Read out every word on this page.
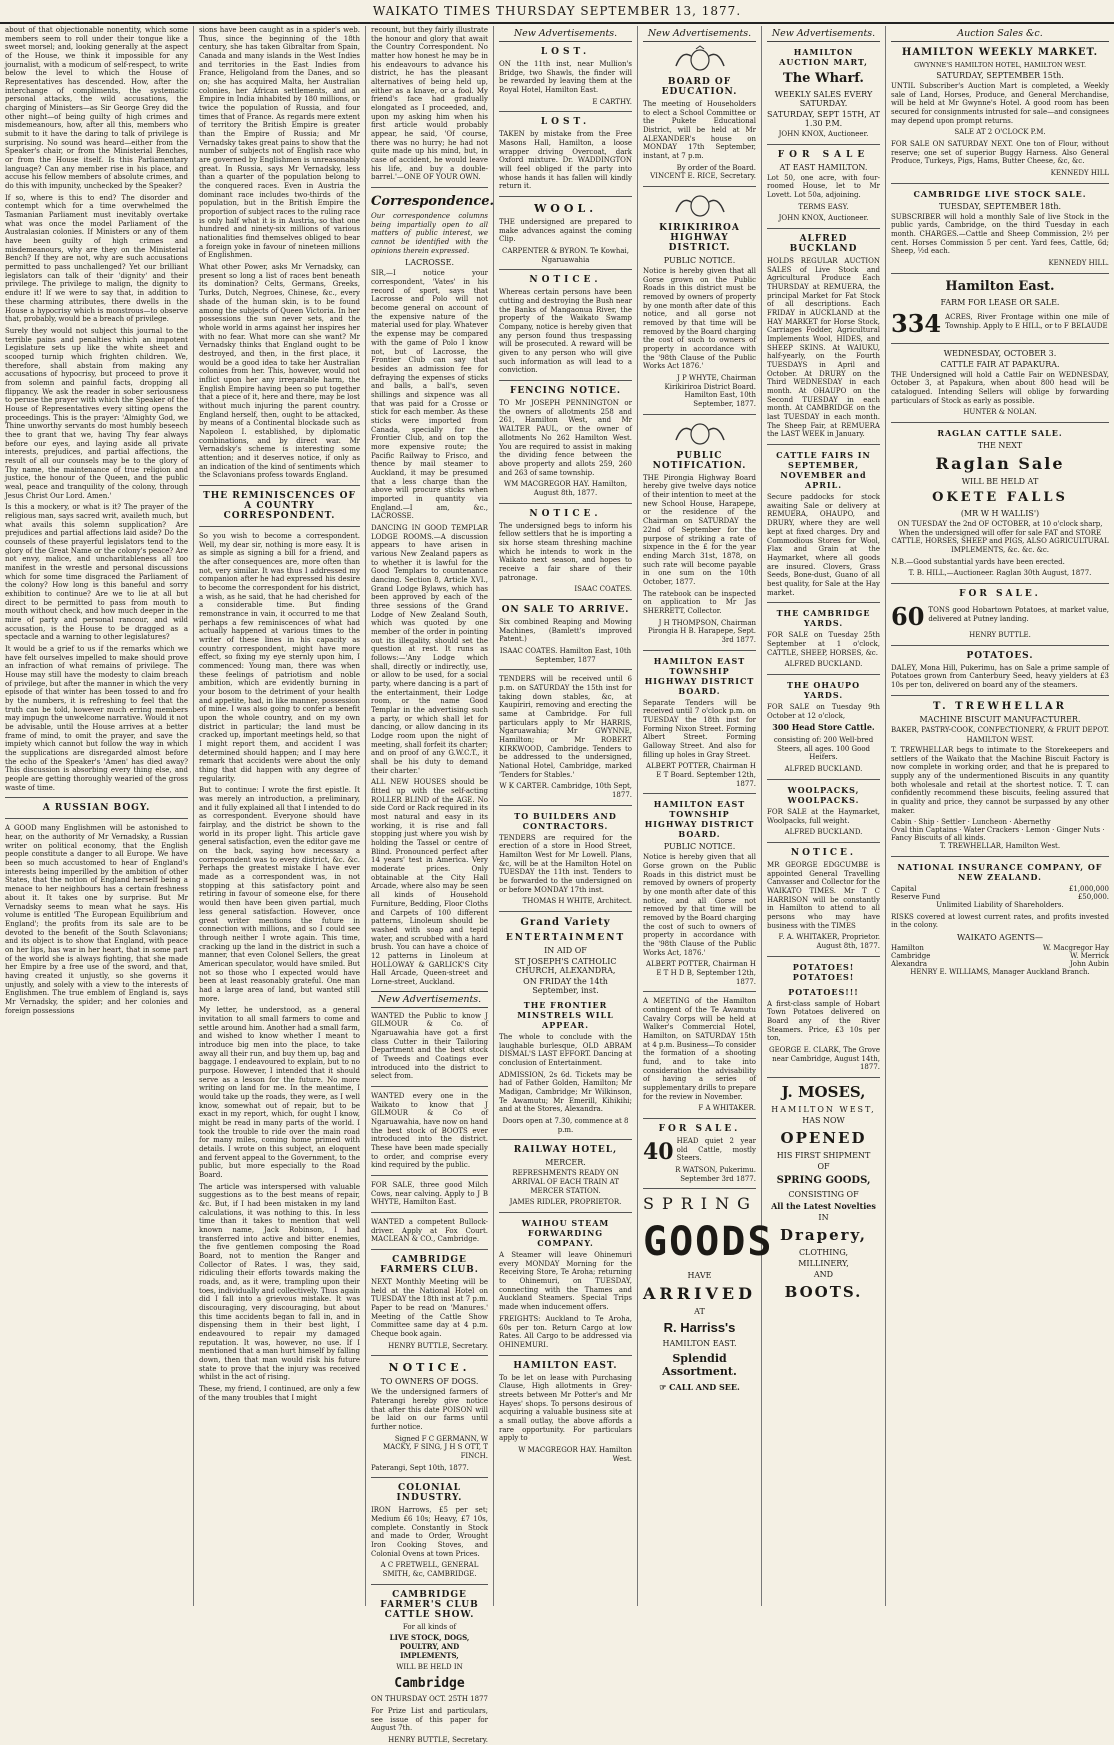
WAIKATO TIMES THURSDAY SEPTEMBER 13, 1877.

about of that objectionable nonentity, which some members seem to roll under their tongue like a sweet morsel; and, looking generally at the aspect of the House, we think it impossible for any journalist, with a modicum of self-respect, to write below the level to which the House of Representatives has descended. How, after the interchange of compliments, the systematic personal attacks, the wild accusations, the charging of Ministers—as Sir George Grey did the other night—of being guilty of high crimes and misdemeanours, how, after all this, members who submit to it have the daring to talk of privilege is surprising. No sound was heard—either from the Speaker's chair, or from the Ministerial Benches, or from the House itself. Is this Parliamentary language? Can any member rise in his place, and accuse his fellow members of absolute crimes, and do this with impunity, unchecked by the Speaker?

If so, where is this to end? The disorder and contempt which for a time overwhelmed the Tasmanian Parliament must inevitably overtake what was once the model Parliament of the Australasian colonies. If Ministers or any of them have been guilty of high crimes and misdemeanours, why are they on the Ministerial Bench? If they are not, why are such accusations permitted to pass unchallenged? Yet our brilliant legislators can talk of their 'dignity' and their privilege. The privilege to malign, the dignity to endure it! If we were to say that, in addition to these charming attributes, there dwells in the House a hypocrisy which is monstrous—to observe that, probably, would be a breach of privilege.

Surely they would not subject this journal to the terrible pains and penalties which an impotent Legislature sets up like the white sheet and scooped turnip which frighten children. We, therefore, shall abstain from making any accusations of hypocrisy, but proceed to prove it from solemn and painful facts, dropping all flippancy. We ask the reader in sober seriousness to peruse the prayer with which the Speaker of the House of Representatives every sitting opens the proceedings. This is the prayer: 'Almighty God, we Thine unworthy servants do most humbly beseech thee to grant that we, having Thy fear always before our eyes, and laying aside all private interests, prejudices, and partial affections, the result of all our counsels may be to the glory of Thy name, the maintenance of true religion and justice, the honour of the Queen, and the public weal, peace and tranquility of the colony, through Jesus Christ Our Lord. Amen.'

Is this a mockery, or what is it? The prayer of the religious man, says sacred writ, availeth much, but what avails this solemn supplication? Are prejudices and partial affections laid aside? Do the counsels of these prayerful legislators tend to the glory of the Great Name or the colony's peace? Are not envy, malice, and uncharitableness all too manifest in the wrestle and personal discussions which for some time disgraced the Parliament of the colony? How long is this baneful and sorry exhibition to continue? Are we to lie at all but direct to be permitted to pass from mouth to mouth without check, and how much deeper in the mire of party and personal rancour, and wild accusation, is the House to be dragged as a spectacle and a warning to other legislatures?

It would be a grief to us if the remarks which we have felt ourselves impelled to make should prove an infraction of what remains of privilege. The House may still have the modesty to claim breach of privilege, but after the manner in which the very episode of that winter has been tossed to and fro by the numbers, it is refreshing to feel that the truth can be told, however much erring members may impugn the unwelcome narrative. Would it not be advisable, until the House arrives at a better frame of mind, to omit the prayer, and save the impiety which cannot but follow the way in which the supplications are disregarded almost before the echo of the Speaker's 'Amen' has died away? This discussion is absorbing every thing else, and people are getting thoroughly wearied of the gross waste of time.

A RUSSIAN BOGY.

A GOOD many Englishmen will be astonished to hear, on the authority of Mr Vernadsky, a Russian writer on political economy, that the English people constitute a danger to all Europe. We have been so much accustomed to hear of England's interests being imperilled by the ambition of other States, that the notion of England herself being a menace to her neighbours has a certain freshness about it. It takes one by surprise. But Mr Vernadsky seems to mean what he says. His volume is entitled 'The European Equilibrium and England'; the profits from its sale are to be devoted to the benefit of the South Sclavonians; and its object is to show that England, with peace on her lips, has war in her heart, that in some part of the world she is always fighting, that she made her Empire by a free use of the sword, and that, having created it unjustly, so she governs it unjustly, and solely with a view to the interests of Englishmen. The true emblem of England is, says Mr Vernadsky, the spider; and her colonies and foreign possessions

sions have been caught as in a spider's web. Thus, since the beginning of the 18th century, she has taken Gibraltar from Spain, Canada and many islands in the West Indies and territories in the East Indies from France, Heligoland from the Danes, and so on; she has acquired Malta, her Australian colonies, her African settlements, and an Empire in India inhabited by 180 millions, or twice the population of Russia, and four times that of France. As regards mere extent of territory the British Empire is greater than the Empire of Russia; and Mr Vernadsky takes great pains to show that the number of subjects not of English race who are governed by Englishmen is unreasonably great. In Russia, says Mr Vernadsky, less than a quarter of the population belong to the conquered races. Even in Austria the dominant race includes two-thirds of the population, but in the British Empire the proportion of subject races to the ruling race is only half what it is in Austria, so that one hundred and ninety-six millions of various nationalities find themselves obliged to bear a foreign yoke in favour of nineteen millions of Englishmen.

What other Power, asks Mr Vernadsky, can present so long a list of races bent beneath its domination? Celts, Germans, Greeks, Turks, Dutch, Negroes, Chinese, &c., every shade of the human skin, is to be found among the subjects of Queen Victoria. In her possessions the sun never sets, and the whole world in arms against her inspires her with no fear. What more can she want? Mr Vernadsky thinks that England ought to be destroyed, and then, in the first place, it would be a good idea to take her Australian colonies from her. This, however, would not inflict upon her any irreparable harm, the English Empire having been so put together that a piece of it, here and there, may be lost without much injuring the parent country. England herself, then, ought to be attacked, by means of a Continental blockade such as Napoleon I. established, by diplomatic combinations, and by direct war. Mr Vernadsky's scheme is interesting some attention; and it deserves notice, if only as an indication of the kind of sentiments which the Sclavonians profess towards England.

THE REMINISCENCES OF A COUNTRY CORRESPONDENT.

So you wish to become a correspondent. Well, my dear sir, nothing is more easy. It is as simple as signing a bill for a friend, and the after consequences are, more often than not, very similar. It was thus I addressed my companion after he had expressed his desire to become the correspondent for his district, a wish, as he said, that he had cherished for a considerable time. But finding remonstrance in vain, it occurred to me that perhaps a few reminiscences of what had actually happened at various times to the writer of these lines in his capacity as country correspondent, might have more effect, so fixing my eye sternly upon him, I commenced: Young man, there was when these feelings of patriotism and noble ambition, which are evidently burning in your bosom to the detriment of your health and appetite, had, in like manner, possession of mine. I was also going to confer a benefit upon the whole country, and on my own district in particular; the land must be cracked up, important meetings held, so that I might report them, and accident I was determined should happen; and I may here remark that accidents were about the only thing that did happen with any degree of regularity.

But to continue: I wrote the first epistle. It was merely an introduction, a preliminary, and it fully explained all that I intended to do as correspondent. Everyone should have fairplay, and the district be shown to the world in its proper light. This article gave general satisfaction, even the editor gave me on the back, saying how necessary a correspondent was to every district, &c. &c. Perhaps the greatest mistake I have ever made as a correspondent was, in not stopping at this satisfactory point and retiring in favour of someone else, for there would then have been given partial, much less general satisfaction. However, once great writer mentions the future in connection with millions, and so I could see through neither I wrote again. This time, cracking up the land in the district in such a manner, that even Colonel Sellers, the great American speculator, would have smiled. But not so those who I expected would have been at least reasonably grateful. One man had a large area of land, but wanted still more.

My letter, he understood, as a general invitation to all small farmers to come and settle around him. Another had a small farm, and wished to know whether I meant to introduce big men into the place, to take away all their run, and buy them up, bag and baggage. I endeavoured to explain, but to no purpose. However, I intended that it should serve as a lesson for the future. No more writing on land for me. In the meantime, I would take up the roads, they were, as I well know, somewhat out of repair, but to be exact in my report, which, for ought I know, might be read in many parts of the world. I took the trouble to ride over the main road for many miles, coming home primed with details. I wrote on this subject, an eloquent and fervent appeal to the Government, to the public, but more especially to the Road Board.

The article was interspersed with valuable suggestions as to the best means of repair, &c. But, if I had been mistaken in my land calculations, it was nothing to this. In less time than it takes to mention that well known name, Jack Robinson, I had transferred into active and bitter enemies, the five gentlemen composing the Road Board, not to mention the Ranger and Collector of Rates. I was, they said, ridiculing their efforts towards making the roads, and, as it were, trampling upon their toes, individually and collectively. Thus again did I fall into a grievous mistake. It was discouraging, very discouraging, but about this time accidents began to fall in, and in dispensing them in their best light, I endeavoured to repair my damaged reputation. It was, however, no use. If I mentioned that a man hurt himself by falling down, then that man would risk his future state to prove that the injury was received whilst in the act of rising.

These, my friend, I continued, are only a few of the many troubles that I might

recount, but they fairly illustrate the honour and glory that await the Country Correspondent. No matter how honest he may be in his endeavours to advance his district, he has the pleasant alternatives of being held up, either as a knave, or a fool. My friend's face had gradually elongated as I proceeded, and, upon my asking him when his first article would probably appear, he said, 'Of course, there was no hurry; he had not quite made up his mind, but, in case of accident, he would leave his life, and buy a double-barrel.'—ONE OF YOUR OWN.

Correspondence.

Our correspondence columns being impartially open to all matters of public interest, we cannot be identified with the opinions therein expressed.

LACROSSE.

SIR,—I notice your correspondent, 'Vates' in his record of sport, says that Lacrosse and Polo will not become general on account of the expensive nature of the material used for play. Whatever the expense may be compared with the game of Polo I know not, but of Lacrosse, the Frontier Club can say that besides an admission fee for defraying the expenses of sticks and balls, a ball's, seven shillings and sixpence was all that was paid for a Crosse or stick for each member. As these sticks were imported from Canada, specially for the Frontier Club, and on top the more expensive route; the Pacific Railway to Frisco, and thence by mail steamer to Auckland, it may be presumed that a less charge than the above will procure sticks when imported in quantity via England.—I am, &c., LACROSSE.

DANCING IN GOOD TEMPLAR LODGE ROOMS.—A discussion appears to have arisen in various New Zealand papers as to whether it is lawful for the Good Templars to countenance dancing. Section 8, Article XVI., Grand Lodge Bylaws, which has been approved by each of the three sessions of the Grand Lodge of New Zealand South, which was quoted by one member of the order in pointing out its illegality, should set the question at rest. It runs as follows:—'Any Lodge which shall, directly or indirectly, use, or allow to be used, for a social party, where dancing is a part of the entertainment, their Lodge room, or the name Good Templar in the advertising such a party, or which shall let for dancing, or allow dancing in its Lodge room upon the night of meeting, shall forfeit its charter; and on proof of any G.W.C.T., it shall be his duty to demand their charter.'

ALL NEW HOUSES should be fitted up with the self-acting ROLLER BLIND of the AGE. No side Cord or Rack required in its most natural and easy in its working, it is rise and fall stopping just where you wish by holding the Tassel or centre of Blind. Pronounced perfect after 14 years' test in America. Very moderate prices. Only obtainable at the City Hall Arcade, where also may be seen all kinds of Household Furniture, Bedding, Floor Cloths and Carpets of 100 different patterns, Linoleum should be washed with soap and tepid water, and scrubbed with a hard brush. You can have a choice of 12 patterns in Linoleum at HOLLOWAY & GARLICK'S City Hall Arcade, Queen-street and Lorne-street, Auckland.

New Advertisements.

WANTED the Public to know J GILMOUR & Co. of Ngaruawahia have got a first class Cutter in their Tailoring Department and the best stock of Tweeds and Coatings ever introduced into the district to select from.

WANTED every one in the Waikato to know that J GILMOUR & Co of Ngaruawahia, have now on hand the best stock of BOOTS ever introduced into the district. These have been made specially to order, and comprise every kind required by the public.

FOR SALE, three good Milch Cows, near calving. Apply to J B WHYTE, Hamilton East.

WANTED a competent Bullock-driver. Apply at Fox Court. MACLEAN & CO., Cambridge.

CAMBRIDGE FARMERS CLUB.

NEXT Monthly Meeting will be held at the National Hotel on TUESDAY the 18th inst at 7 p.m. Paper to be read on 'Manures.' Meeting of the Cattle Show Committee same day at 4 p.m. Cheque book again.

HENRY BUTTLE, Secretary.

NOTICE.
TO OWNERS OF DOGS.

We the undersigned farmers of Paterangi hereby give notice that after this date POISON will be laid on our farms until further notice.

Signed F C GERMANN, W MACKY, F SING, J H S OTT, T FINCH.

Paterangi, Sept 10th, 1877.

COLONIAL INDUSTRY.

IRON Harrows, £5 per set; Medium £6 10s; Heavy, £7 10s, complete. Constantly in Stock and made to Order, Wrought Iron Cooking Stoves, and Colonial Ovens at town Prices.

A C FRETWELL, GENERAL SMITH, &c, CAMBRIDGE.

CAMBRIDGE FARMER'S CLUB CATTLE SHOW.

For all kinds of

LIVE STOCK, DOGS, POULTRY, AND IMPLEMENTS,

WILL BE HELD IN

Cambridge

ON THURSDAY OCT. 25TH 1877

For Prize List and particulars, see issue of this paper for August 7th.

HENRY BUTTLE, Secretary.

New Advertisements.
LOST.

ON the 11th inst, near Mullion's Bridge, two Shawls, the finder will be rewarded by leaving them at the Royal Hotel, Hamilton East.

E CARTHY.

LOST.

TAKEN by mistake from the Free Masons Hall, Hamilton, a loose wrapper driving Overcoat, dark Oxford mixture. Dr. WADDINGTON will feel obliged if the party into whose hands it has fallen will kindly return it.

WOOL.

THE undersigned are prepared to make advances against the coming Clip.

CARPENTER & BYRON. Te Kowhai, Ngaruawahia

NOTICE.

Whereas certain persons have been cutting and destroying the Bush near the Banks of Mangaonua River, the property of the Waikato Swamp Company, notice is hereby given that any person found thus trespassing will be prosecuted. A reward will be given to any person who will give such information as will lead to a conviction.

FENCING NOTICE.

TO Mr JOSEPH PENNINGTON or the owners of allotments 258 and 261, Hamilton West, and Mr WALTER PAUL, or the owner of allotments No 262 Hamilton West. You are required to assist in making the dividing fence between the above property and allots 259, 260 and 263 of same township.

WM MACGREGOR HAY. Hamilton, August 8th, 1877.

NOTICE.

The undersigned begs to inform his fellow settlers that he is importing a six horse steam threshing machine which he intends to work in the Waikato next season, and hopes to receive a fair share of their patronage.

ISAAC COATES.

ON SALE TO ARRIVE.

Six combined Reaping and Mowing Machines, (Bamlett's improved Patent.)

ISAAC COATES. Hamilton East, 10th September, 1877

TENDERS will be received until 6 p.m. on SATURDAY the 15th inst for taking down stables, &c, at Kaupiriri, removing and erecting the same at Cambridge. For full particulars apply to Mr HARRIS, Ngaruawahia; Mr GWYNNE, Hamilton; or Mr ROBERT KIRKWOOD, Cambridge. Tenders to be addressed to the undersigned, National Hotel, Cambridge, marked 'Tenders for Stables.'

W K CARTER. Cambridge, 10th Sept, 1877.

TO BUILDERS AND CONTRACTORS.

TENDERS are required for the erection of a store in Hood Street, Hamilton West for Mr Lowell. Plans, &c, will be at the Hamilton Hotel on TUESDAY the 11th inst. Tenders to be forwarded to the undersigned on or before MONDAY 17th inst.

THOMAS H WHITE, Architect.

Grand Variety
ENTERTAINMENT
IN AID OF
ST JOSEPH'S CATHOLIC CHURCH, ALEXANDRA,
ON FRIDAY the 14th September, inst.
THE FRONTIER MINSTRELS WILL APPEAR.

The whole to conclude with the laughable burlesque, OLD ABRAM DISMAL'S LAST EFFORT. Dancing at conclusion of Entertainment.

ADMISSION, 2s 6d. Tickets may be had of Father Golden, Hamilton; Mr Madigan, Cambridge; Mr Wilkinson, Te Awamutu; Mr Emerill, Kihikihi; and at the Stores, Alexandra.

Doors open at 7.30, commence at 8 p.m.

RAILWAY HOTEL,
MERCER.

REFRESHMENTS READY ON ARRIVAL OF EACH TRAIN AT MERCER STATION.

JAMES RIDLER, PROPRIETOR.

WAIHOU STEAM FORWARDING COMPANY.

A Steamer will leave Ohinemuri every MONDAY Morning for the Receiving Store, Te Aroha; returning to Ohinemuri, on TUESDAY, connecting with the Thames and Auckland Steamers. Special Trips made when inducement offers.

FREIGHTS: Auckland to Te Aroha, 60s per ton. Return Cargo at low Rates. All Cargo to be addressed via OHINEMURI.

HAMILTON EAST.

To be let on lease with Purchasing Clause, High allotments in Grey-streets between Mr Potter's and Mr Hayes' shops. To persons desirous of acquiring a valuable business site at a small outlay, the above affords a rare opportunity. For particulars apply to

W MACGREGOR HAY. Hamilton West.

New Advertisements.
BOARD OF EDUCATION.

The meeting of Householders to elect a School Committee or the Pukete Educational District, will be held at Mr ALEXANDER's house on MONDAY 17th September, instant, at 7 p.m.

By order of the Board. VINCENT E. RICE, Secretary.

KIRIKIRIROA HIGHWAY DISTRICT.
PUBLIC NOTICE.

Notice is hereby given that all Gorse grown on the Public Roads in this district must be removed by owners of property by one month after date of this notice, and all gorse not removed by that time will be removed by the Board charging the cost of such to owners of property in accordance with the '98th Clause of the Public Works Act 1876.'

J P WHYTE, Chairman Kirikiriroa District Board. Hamilton East, 10th September, 1877.

PUBLIC NOTIFICATION.

THE Pirongia Highway Board hereby give twelve days notice of their intention to meet at the new School House, Harapepe, or the residence of the Chairman on SATURDAY the 22nd of September for the purpose of striking a rate of sixpence in the £ for the year ending March 31st, 1878, on such rate will become payable in one sum on the 10th October, 1877.

The ratebook can be inspected on application to Mr Jas SHERRETT, Collector.

J H THOMPSON, Chairman Pirongia H B. Harapepe, Sept. 3rd 1877.

HAMILTON EAST TOWNSHIP HIGHWAY DISTRICT BOARD.

Separate Tenders will be received until 7 o'clock p.m. on TUESDAY the 18th inst for Forming Nixon Street. Forming Albert Street. Forming Galloway Street. And also for filling up holes in Gray Street.

ALBERT POTTER, Chairman H E T Board. September 12th, 1877.

HAMILTON EAST TOWNSHIP HIGHWAY DISTRICT BOARD.
PUBLIC NOTICE.

Notice is hereby given that all Gorse grown on the Public Roads in this district must be removed by owners of property by one month after date of this notice, and all Gorse not removed by that time will be removed by the Board charging the cost of such to owners of property in accordance with the '98th Clause of the Public Works Act, 1876.'

ALBERT POTTER, Chairman H E T H D B, September 12th, 1877.

A MEETING of the Hamilton contingent of the Te Awamutu Cavalry Corps will be held at Walker's Commercial Hotel, Hamilton, on SATURDAY 15th at 4 p.m. Business—To consider the formation of a shooting fund, and to take into consideration the advisability of having a series of supplementary drills to prepare for the review in November.

F A WHITAKER.

FOR SALE.
40 HEAD quiet 2 year old Cattle, mostly Steers.

R WATSON, Pukerimu. September 3rd 1877.

SPRING
GOODS
HAVE
ARRIVED
AT
R. Harriss's
HAMILTON EAST.
Splendid Assortment.
☞ CALL AND SEE.
New Advertisements.
HAMILTON AUCTION MART,
The Wharf.
WEEKLY SALES EVERY SATURDAY.
SATURDAY, SEPT 15TH, AT 1.30 P.M.

JOHN KNOX, Auctioneer.

FOR SALE
AT EAST HAMILTON.

Lot 50, one acre, with four-roomed House, let to Mr Lovett. Lot 50a, adjoining.

TERMS EASY.

JOHN KNOX, Auctioneer.

ALFRED BUCKLAND

HOLDS REGULAR AUCTION SALES of Live Stock and Agricultural Produce Each THURSDAY at REMUERA, the principal Market for Fat Stock of all descriptions. Each FRIDAY in AUCKLAND at the HAY MARKET for Horse Stock, Carriages Fodder, Agricultural Implements Wool, HIDES, and SHEEP SKINS. At WAIUKU, half-yearly, on the Fourth TUESDAYS in April and October. At DRURY on the Third WEDNESDAY in each month. At OHAUPO on the Second TUESDAY in each month. At CAMBRIDGE on the last TUESDAY in each month. The Sheep Fair, at REMUERA the LAST WEEK in January.

CATTLE FAIRS IN SEPTEMBER, NOVEMBER and APRIL.

Secure paddocks for stock awaiting Sale or delivery at REMUERA, OHAUPO, and DRURY, where they are well kept at fixed charges. Dry and Commodious Stores for Wool, Flax and Grain at the Haymarket, where all goods are insured. Clovers, Grass Seeds, Bone-dust, Guano of all best quality, for Sale at the Hay market.

THE CAMBRIDGE YARDS.

FOR SALE on Tuesday 25th September at 1 o'clock, CATTLE, SHEEP, HORSES, &c.

ALFRED BUCKLAND.

THE OHAUPO YARDS.

FOR SALE on Tuesday 9th October at 12 o'clock,

300 Head Store Cattle.

consisting of: 200 Well-bred Steers, all ages. 100 Good Heifers.

ALFRED BUCKLAND.

WOOLPACKS, WOOLPACKS.

FOR SALE at the Haymarket, Woolpacks, full weight.

ALFRED BUCKLAND.

NOTICE.

MR GEORGE EDGCUMBE is appointed General Travelling Canvasser and Collector for the WAIKATO TIMES. Mr T C HARRISON will be constantly in Hamilton to attend to all persons who may have business with the TIMES

F. A. WHITAKER, Proprietor. August 8th, 1877.

POTATOES! POTATOES!
POTATOES!!!

A first-class sample of Hobart Town Potatoes delivered on Board any of the River Steamers. Price, £3 10s per ton,

GEORGE E. CLARK, The Grove near Cambridge, August 14th, 1877.

J. MOSES,
HAMILTON WEST,
HAS NOW
OPENED
HIS FIRST SHIPMENT
OF
SPRING GOODS,
CONSISTING OF
All the Latest Novelties
IN
Drapery,
CLOTHING,
MILLINERY,
AND
BOOTS.
Auction Sales &c.
HAMILTON WEEKLY MARKET.
GWYNNE'S HAMILTON HOTEL, HAMILTON WEST.
SATURDAY, SEPTEMBER 15th.

UNTIL Subscriber's Auction Mart is completed, a Weekly sale of Land, Horses, Produce, and General Merchandise, will be held at Mr Gwynne's Hotel. A good room has been secured for consignments intrusted for sale—and consignees may depend upon prompt returns.

SALE AT 2 O'CLOCK P.M.

FOR SALE ON SATURDAY NEXT. One ton of Flour, without reserve; one set of superior Buggy Harness. Also General Produce, Turkeys, Pigs, Hams, Butter Cheese, &c, &c.

KENNEDY HILL

CAMBRIDGE LIVE STOCK SALE.
TUESDAY, SEPTEMBER 18th.

SUBSCRIBER will hold a monthly Sale of live Stock in the public yards, Cambridge, on the third Tuesday in each month. CHARGES.—Cattle and Sheep Commission, 2½ per cent. Horses Commission 5 per cent. Yard fees, Cattle, 6d; Sheep, ½d each.

KENNEDY HILL.

Hamilton East.
FARM FOR LEASE OR SALE.
334 ACRES, River Frontage within one mile of Township. Apply to E HILL, or to F BELAUDE

WEDNESDAY, OCTOBER 3.
CATTLE FAIR AT PAPAKURA.

THE Undersigned will hold a Cattle Fair on WEDNESDAY, October 3, at Papakura, when about 800 head will be catalogued. Intending Sellers will oblige by forwarding particulars of Stock as early as possible.

HUNTER & NOLAN.

RAGLAN CATTLE SALE.
THE NEXT
Raglan Sale
WILL BE HELD AT
OKETE FALLS
(MR W H WALLIS')

ON TUESDAY the 2nd OF OCTOBER, at 10 o'clock sharp, When the undersigned will offer for sale FAT and STORE CATTLE, HORSES, SHEEP and PIGS, ALSO AGRICULTURAL IMPLEMENTS, &c. &c. &c.

N.B.—Good substantial yards have been erected.

T. B. HILL,—Auctioneer. Raglan 30th August, 1877.

FOR SALE.
60 TONS good Hobartown Potatoes, at market value, delivered at Putney landing.

HENRY BUTTLE.

POTATOES.

DALEY, Mona Hill, Pukerimu, has on Sale a prime sample of Potatoes grown from Canterbury Seed, heavy yielders at £3 10s per ton, delivered on board any of the steamers.

T. TREWHELLAR
MACHINE BISCUIT MANUFACTURER.
BAKER, PASTRY-COOK, CONFECTIONERY, & FRUIT DEPOT.
HAMILTON WEST.

T. TREWHELLAR begs to intimate to the Storekeepers and settlers of the Waikato that the Machine Biscuit Factory is now complete in working order, and that he is prepared to supply any of the undermentioned Biscuits in any quantity both wholesale and retail at the shortest notice. T. T. can confidently recommend these biscuits, feeling assured that in quality and price, they cannot be surpassed by any other maker.

Cabin · Ship · Settler · Luncheon · Abernethy
Oval thin Captains · Water Crackers · Lemon · Ginger Nuts · Fancy Biscuits of all kinds.

T. TREWHELLAR, Hamilton West.

NATIONAL INSURANCE COMPANY, OF NEW ZEALAND.
Capital	£1,000,000
Reserve Fund	£50,000.

Unlimited Liability of Shareholders.

RISKS covered at lowest current rates, and profits invested in the colony.

WAIKATO AGENTS—
Hamilton	W. Macgregor Hay
Cambridge	W. Merrick
Alexandra	John Aubin

HENRY E. WILLIAMS, Manager Auckland Branch.
